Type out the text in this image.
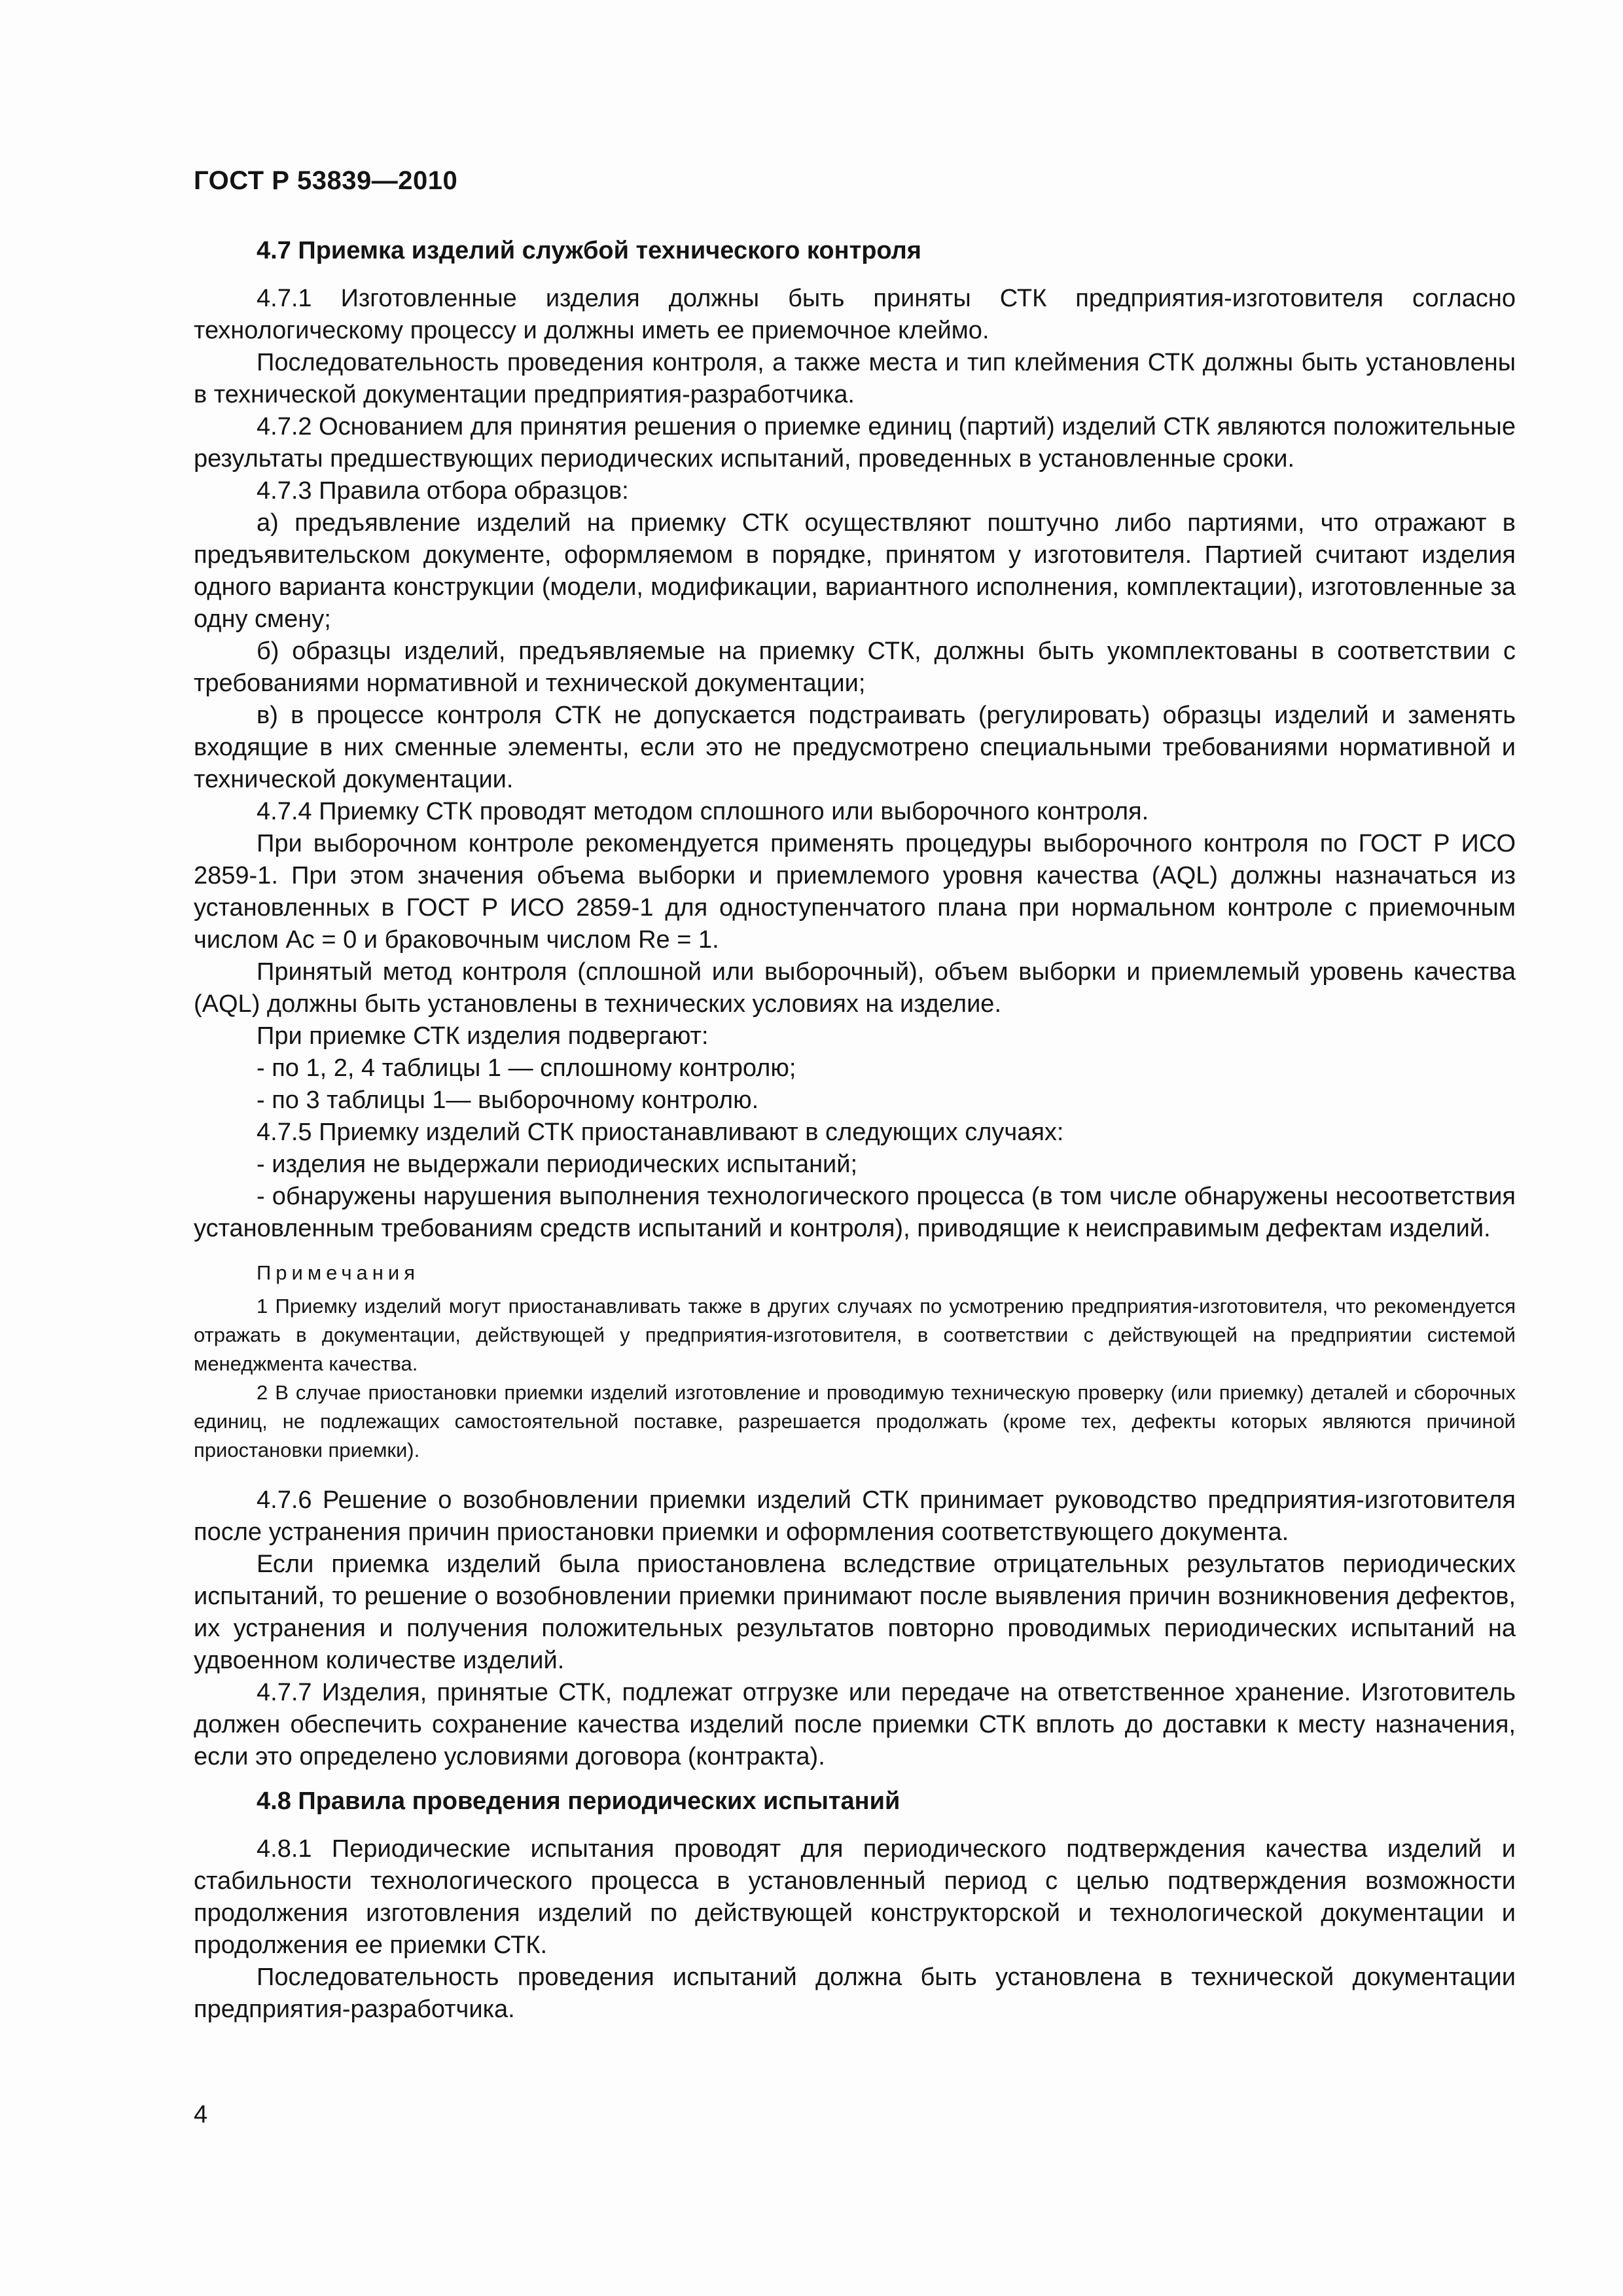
ГОСТ Р 53839—2010
4.7 Приемка изделий службой технического контроля

4.7.1 Изготовленные изделия должны быть приняты СТК предприятия-изготовителя согласно технологическому процессу и должны иметь ее приемочное клеймо.

Последовательность проведения контроля, а также места и тип клеймения СТК должны быть установлены в технической документации предприятия-разработчика.

4.7.2 Основанием для принятия решения о приемке единиц (партий) изделий СТК являются положительные результаты предшествующих периодических испытаний, проведенных в установленные сроки.

4.7.3 Правила отбора образцов:

а) предъявление изделий на приемку СТК осуществляют поштучно либо партиями, что отражают в предъявительском документе, оформляемом в порядке, принятом у изготовителя. Партией считают изделия одного варианта конструкции (модели, модификации, вариантного исполнения, комплектации), изготовленные за одну смену;

б) образцы изделий, предъявляемые на приемку СТК, должны быть укомплектованы в соответствии с требованиями нормативной и технической документации;

в) в процессе контроля СТК не допускается подстраивать (регулировать) образцы изделий и заменять входящие в них сменные элементы, если это не предусмотрено специальными требованиями нормативной и технической документации.

4.7.4 Приемку СТК проводят методом сплошного или выборочного контроля.

При выборочном контроле рекомендуется применять процедуры выборочного контроля по ГОСТ Р ИСО 2859-1. При этом значения объема выборки и приемлемого уровня качества (AQL) должны назначаться из установленных в ГОСТ Р ИСО 2859-1 для одноступенчатого плана при нормальном контроле с приемочным числом Ac = 0 и браковочным числом Re = 1.

Принятый метод контроля (сплошной или выборочный), объем выборки и приемлемый уровень качества (AQL) должны быть установлены в технических условиях на изделие.

При приемке СТК изделия подвергают:

- по 1, 2, 4 таблицы 1 — сплошному контролю;

- по 3 таблицы 1— выборочному контролю.

4.7.5 Приемку изделий СТК приостанавливают в следующих случаях:

- изделия не выдержали периодических испытаний;

- обнаружены нарушения выполнения технологического процесса (в том числе обнаружены несоответствия установленным требованиям средств испытаний и контроля), приводящие к неисправимым дефектам изделий.

Примечания

1 Приемку изделий могут приостанавливать также в других случаях по усмотрению предприятия-изготовителя, что рекомендуется отражать в документации, действующей у предприятия-изготовителя, в соответствии с действующей на предприятии системой менеджмента качества.

2 В случае приостановки приемки изделий изготовление и проводимую техническую проверку (или приемку) деталей и сборочных единиц, не подлежащих самостоятельной поставке, разрешается продолжать (кроме тех, дефекты которых являются причиной приостановки приемки).

4.7.6 Решение о возобновлении приемки изделий СТК принимает руководство предприятия-изготовителя после устранения причин приостановки приемки и оформления соответствующего документа.

Если приемка изделий была приостановлена вследствие отрицательных результатов периодических испытаний, то решение о возобновлении приемки принимают после выявления причин возникновения дефектов, их устранения и получения положительных результатов повторно проводимых периодических испытаний на удвоенном количестве изделий.

4.7.7 Изделия, принятые СТК, подлежат отгрузке или передаче на ответственное хранение. Изготовитель должен обеспечить сохранение качества изделий после приемки СТК вплоть до доставки к месту назначения, если это определено условиями договора (контракта).

4.8 Правила проведения периодических испытаний

4.8.1 Периодические испытания проводят для периодического подтверждения качества изделий и стабильности технологического процесса в установленный период с целью подтверждения возможности продолжения изготовления изделий по действующей конструкторской и технологической документации и продолжения ее приемки СТК.

Последовательность проведения испытаний должна быть установлена в технической документации предприятия-разработчика.

4
